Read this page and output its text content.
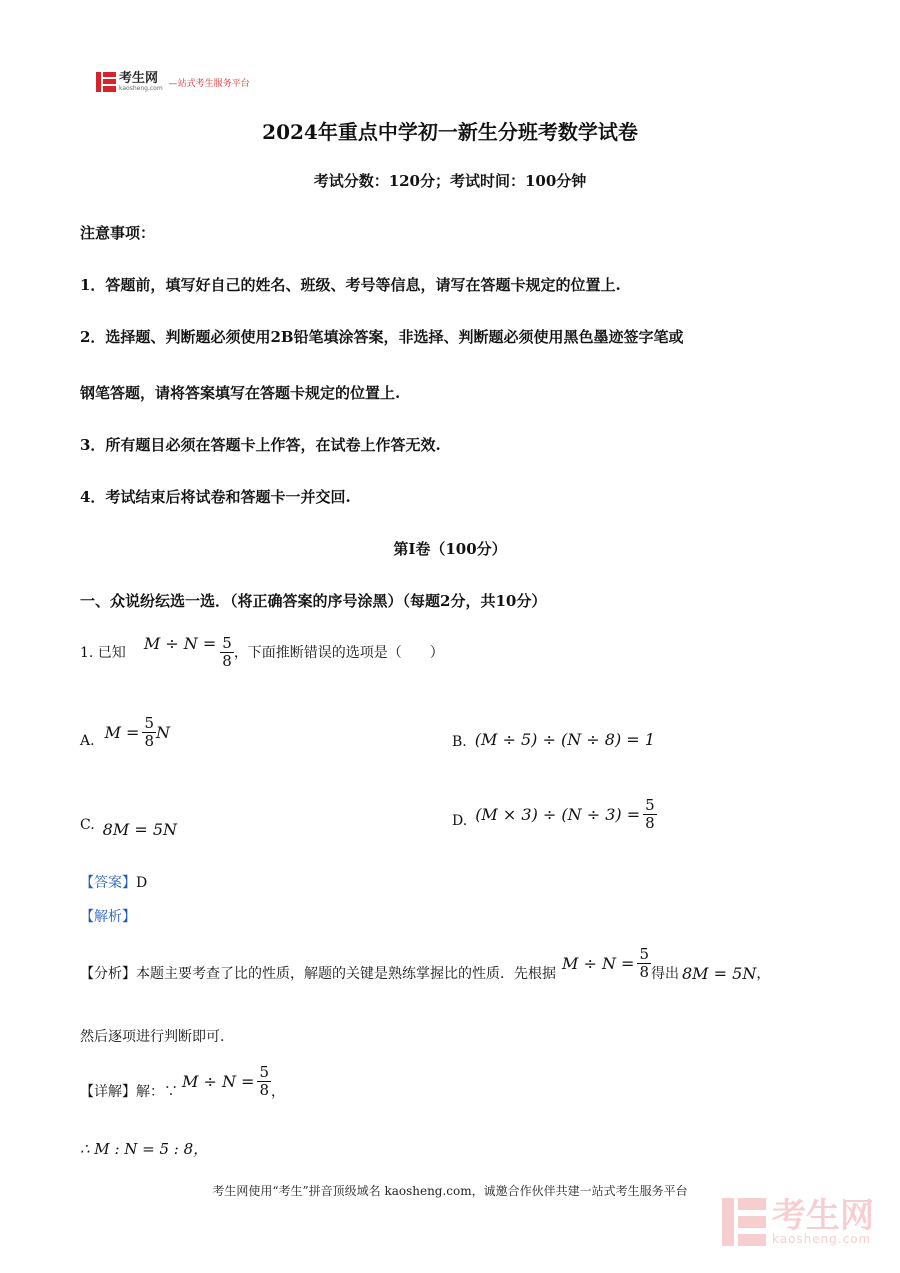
考生网
kaosheng.com —站式考生服务平台
2024年重点中学初一新生分班考数学试卷
考试分数：120分；考试时间：100分钟
注意事项：
1．答题前，填写好自己的姓名、班级、考号等信息，请写在答题卡规定的位置上.
2．选择题、判断题必须使用2B铅笔填涂答案，非选择、判断题必须使用黑色墨迹签字笔或
钢笔答题，请将答案填写在答题卡规定的位置上.
3．所有题目必须在答题卡上作答，在试卷上作答无效.
4．考试结束后将试卷和答题卡一并交回.
第Ⅰ卷（100分）
一、众说纷纭选一选．（将正确答案的序号涂黑）（每题2分，共10分）
1. 已知
$M \div N = \frac{5}{8}$ ，下面推断错误的选项是（　　）
A. $M = \frac{5}{8}$ N
B. (M ÷ 5) ÷ (N ÷ 8) = 1
C. 8M = 5N	D. $(M \times 3) \div (N \div 3) = \frac{5}{8}$
【答案】D
【解析】
【分析】 本题主要考查了比的性质，解题的关键是熟练掌握比的性质．先根据
$M \div N = \frac{5}{8}$ 得出 8M = 5N ，
然后逐项进行判断即可.
【详解】 解：∵
$M \div N = \frac{5}{8}$ ，
∴ M : N = 5 : 8，
考生网使用“考生”拼音顶级域名 kaosheng.com，诚邀合作伙伴共建一站式考生服务平台
考生网
kaosheng.com
